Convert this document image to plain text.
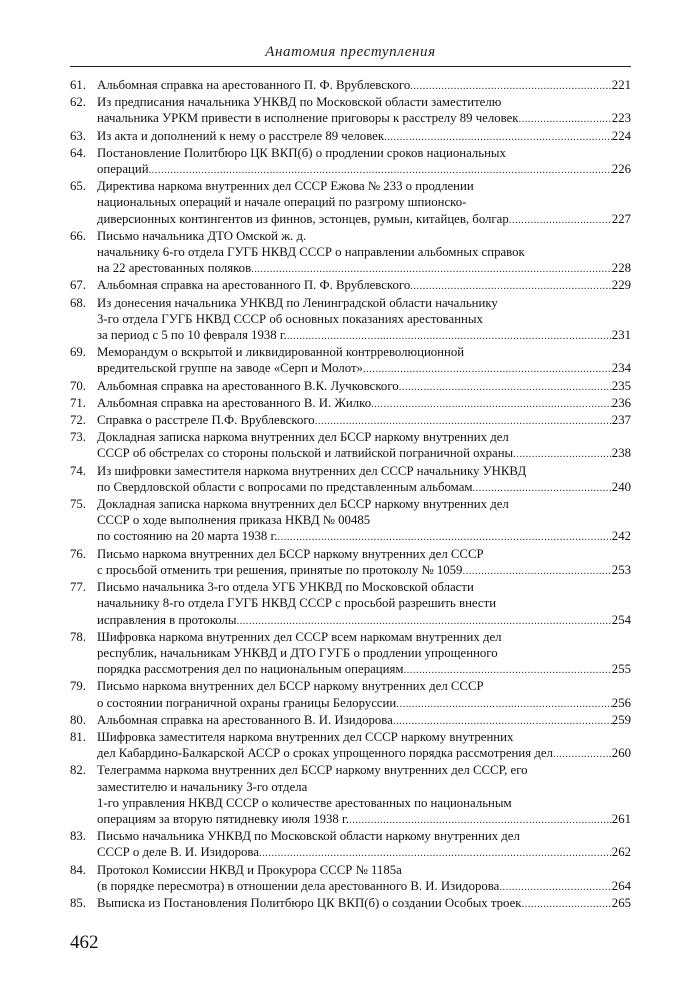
Анатомия преступления
61. Альбомная справка на арестованного П. Ф. Врублевского . . .	221
62. Из предписания начальника УНКВД по Московской области заместителю
начальника УРКМ привести в исполнение приговоры к расстрелу 89 человек . . .	223
63. Из акта и дополнений к нему о расстреле 89 человек . . .	224
64. Постановление Политбюро ЦК ВКП(б) о продлении сроков национальных
операций . . .	226
65. Директива наркома внутренних дел СССР Ежова № 233 о продлении
национальных операций и начале операций по разгрому шпионско-
диверсионных контингентов из финнов, эстонцев, румын, китайцев, болгар . . .	227
66. Письмо начальника ДТО Омской ж. д.
начальнику 6-го отдела ГУГБ НКВД СССР о направлении альбомных справок
на 22 арестованных поляков . . .	228
67. Альбомная справка на арестованного П. Ф. Врублевского . . .	229
68. Из донесения начальника УНКВД по Ленинградской области начальнику
3-го отдела ГУГБ НКВД СССР об основных показаниях арестованных
за период с 5 по 10 февраля 1938 г. . . .	231
69. Меморандум о вскрытой и ликвидированной контрреволюционной
вредительской группе на заводе «Серп и Молот» . . .	234
70. Альбомная справка на арестованного В.К. Лучковского . . .	235
71. Альбомная справка на арестованного В. И. Жилко . . .	236
72. Справка о расстреле П.Ф. Врублевского . . .	237
73. Докладная записка наркома внутренних дел БССР наркому внутренних дел
СССР об обстрелах со стороны польской и латвийской пограничной охраны . . .	238
74. Из шифровки заместителя наркома внутренних дел СССР начальнику УНКВД
по Свердловской области с вопросами по представленным альбомам . . .	240
75. Докладная записка наркома внутренних дел БССР наркому внутренних дел
СССР о ходе выполнения приказа НКВД № 00485
по состоянию на 20 марта 1938 г. . . .	242
76. Письмо наркома внутренних дел БССР наркому внутренних дел СССР
с просьбой отменить три решения, принятые по протоколу № 1059 . . .	253
77. Письмо начальника 3-го отдела УГБ УНКВД по Московской области
начальнику 8-го отдела ГУГБ НКВД СССР с просьбой разрешить внести
исправления в протоколы . . .	254
78. Шифровка наркома внутренних дел СССР всем наркомам внутренних дел
республик, начальникам УНКВД и ДТО ГУГБ о продлении упрощенного
порядка рассмотрения дел по национальным операциям . . .	255
79. Письмо наркома внутренних дел БССР наркому внутренних дел СССР
о состоянии пограничной охраны границы Белоруссии . . .	256
80. Альбомная справка на арестованного В. И. Изидорова . . .	259
81. Шифровка заместителя наркома внутренних дел СССР наркому внутренних
дел Кабардино-Балкарской АССР о сроках упрощенного порядка рассмотрения дел . . .	260
82. Телеграмма наркома внутренних дел БССР наркому внутренних дел СССР, его
заместителю и начальнику 3-го отдела
1-го управления НКВД СССР о количестве арестованных по национальным
операциям за вторую пятидневку июля 1938 г. . . .	261
83. Письмо начальника УНКВД по Московской области наркому внутренних дел
СССР о деле В. И. Изидорова . . .	262
84. Протокол Комиссии НКВД и Прокурора СССР № 1185а
(в порядке пересмотра) в отношении дела арестованного В. И. Изидорова . . .	264
85. Выписка из Постановления Политбюро ЦК ВКП(б) о создании Особых троек . . .	265
462
